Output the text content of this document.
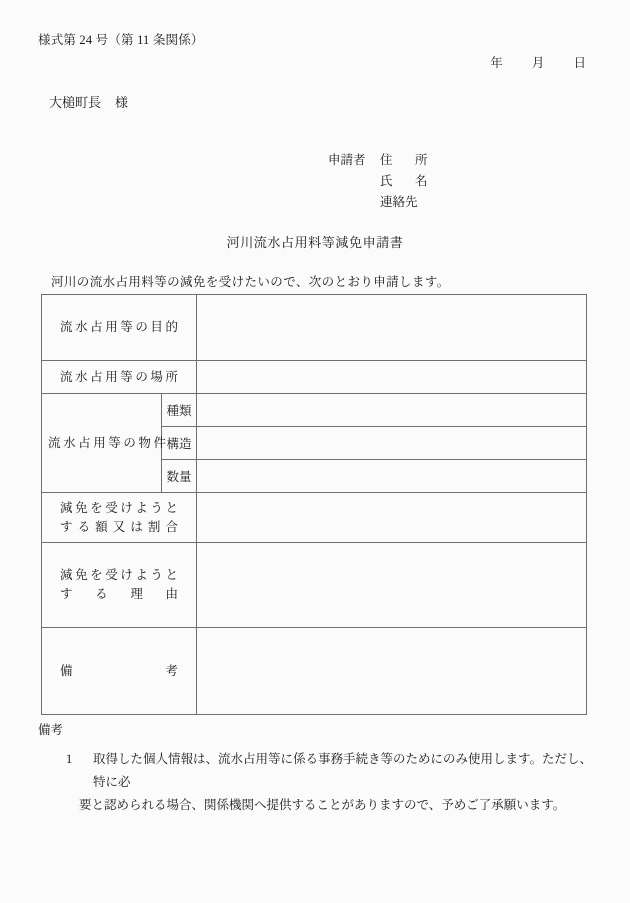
様式第 24 号（第 11 条関係）
年 月 日
大槌町長 様
申請者 住　所
氏　名
連絡先
河川流水占用料等減免申請書
河川の流水占用料等の減免を受けたいので、次のとおり申請します。
流水占用等の目的		

流水占用等の場所		

流水占用等の物件	種類	
	構造	
	数量	

減免を受けようと
する額又は割合		

減免を受けようと
す　る　理　由		

備　　　　　考		

備考
1 取得した個人情報は、流水占用等に係る事務手続き等のためにのみ使用します。ただし、特に必
要と認められる場合、関係機関へ提供することがありますので、予めご了承願います。
